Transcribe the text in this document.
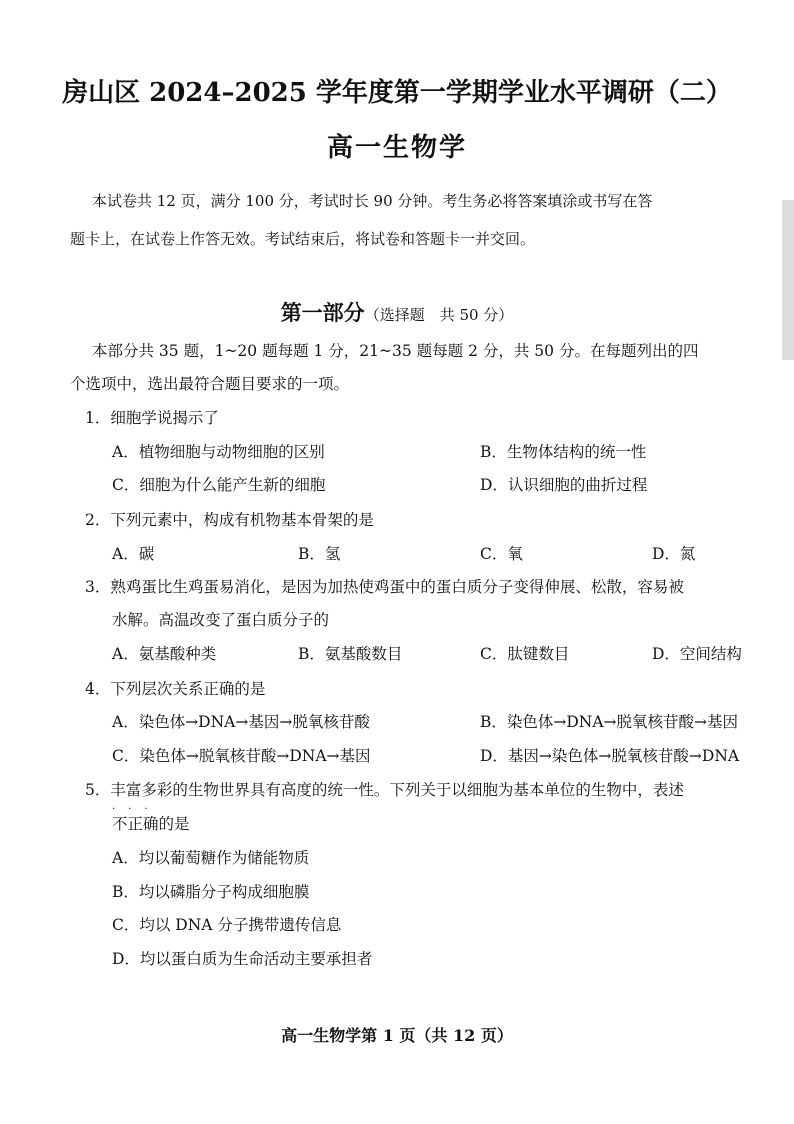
房山区 2024–2025 学年度第一学期学业水平调研（二）
高一生物学
本试卷共 12 页，满分 100 分，考试时长 90 分钟。考生务必将答案填涂或书写在答
题卡上，在试卷上作答无效。考试结束后，将试卷和答题卡一并交回。
第一部分（选择题　共 50 分）
本部分共 35 题，1~20 题每题 1 分，21~35 题每题 2 分，共 50 分。在每题列出的四
个选项中，选出最符合题目要求的一项。
1．细胞学说揭示了
A．植物细胞与动物细胞的区别	B．生物体结构的统一性
C．细胞为什么能产生新的细胞	D．认识细胞的曲折过程
2．下列元素中，构成有机物基本骨架的是
A．碳	B．氢	C．氧	D．氮
3．熟鸡蛋比生鸡蛋易消化，是因为加热使鸡蛋中的蛋白质分子变得伸展、松散，容易被
水解。高温改变了蛋白质分子的
A．氨基酸种类	B．氨基酸数目	C．肽键数目	D．空间结构
4．下列层次关系正确的是
A．染色体→DNA→基因→脱氧核苷酸	B．染色体→DNA→脱氧核苷酸→基因
C．染色体→脱氧核苷酸→DNA→基因	D．基因→染色体→脱氧核苷酸→DNA
5．丰富多彩的生物世界具有高度的统一性。下列关于以细胞为基本单位的生物中，表述
···
不正确的是
A．均以葡萄糖作为储能物质
B．均以磷脂分子构成细胞膜
C．均以 DNA 分子携带遗传信息
D．均以蛋白质为生命活动主要承担者
高一生物学第 1 页（共 12 页）
